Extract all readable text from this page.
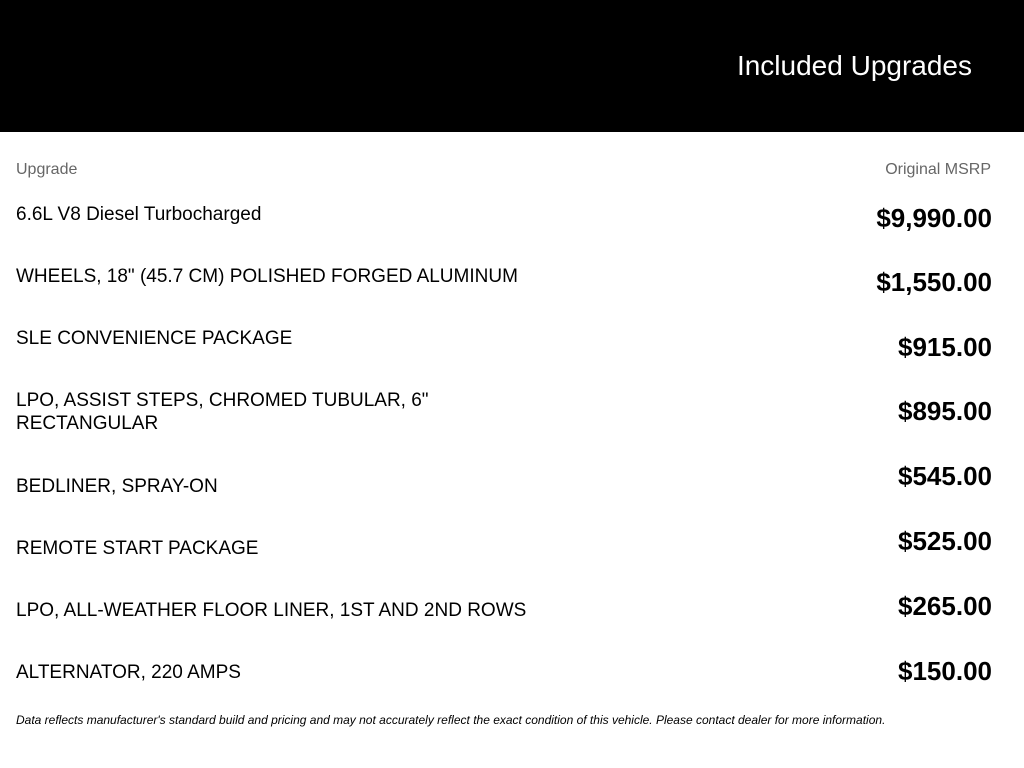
Included Upgrades
Upgrade	Original MSRP
6.6L V8 Diesel Turbocharged	$9,990.00
WHEELS, 18" (45.7 CM) POLISHED FORGED ALUMINUM	$1,550.00
SLE CONVENIENCE PACKAGE	$915.00
LPO, ASSIST STEPS, CHROMED TUBULAR, 6" RECTANGULAR	$895.00
BEDLINER, SPRAY-ON	$545.00
REMOTE START PACKAGE	$525.00
LPO, ALL-WEATHER FLOOR LINER, 1ST AND 2ND ROWS	$265.00
ALTERNATOR, 220 AMPS	$150.00
Data reflects manufacturer's standard build and pricing and may not accurately reflect the exact condition of this vehicle. Please contact dealer for more information.
